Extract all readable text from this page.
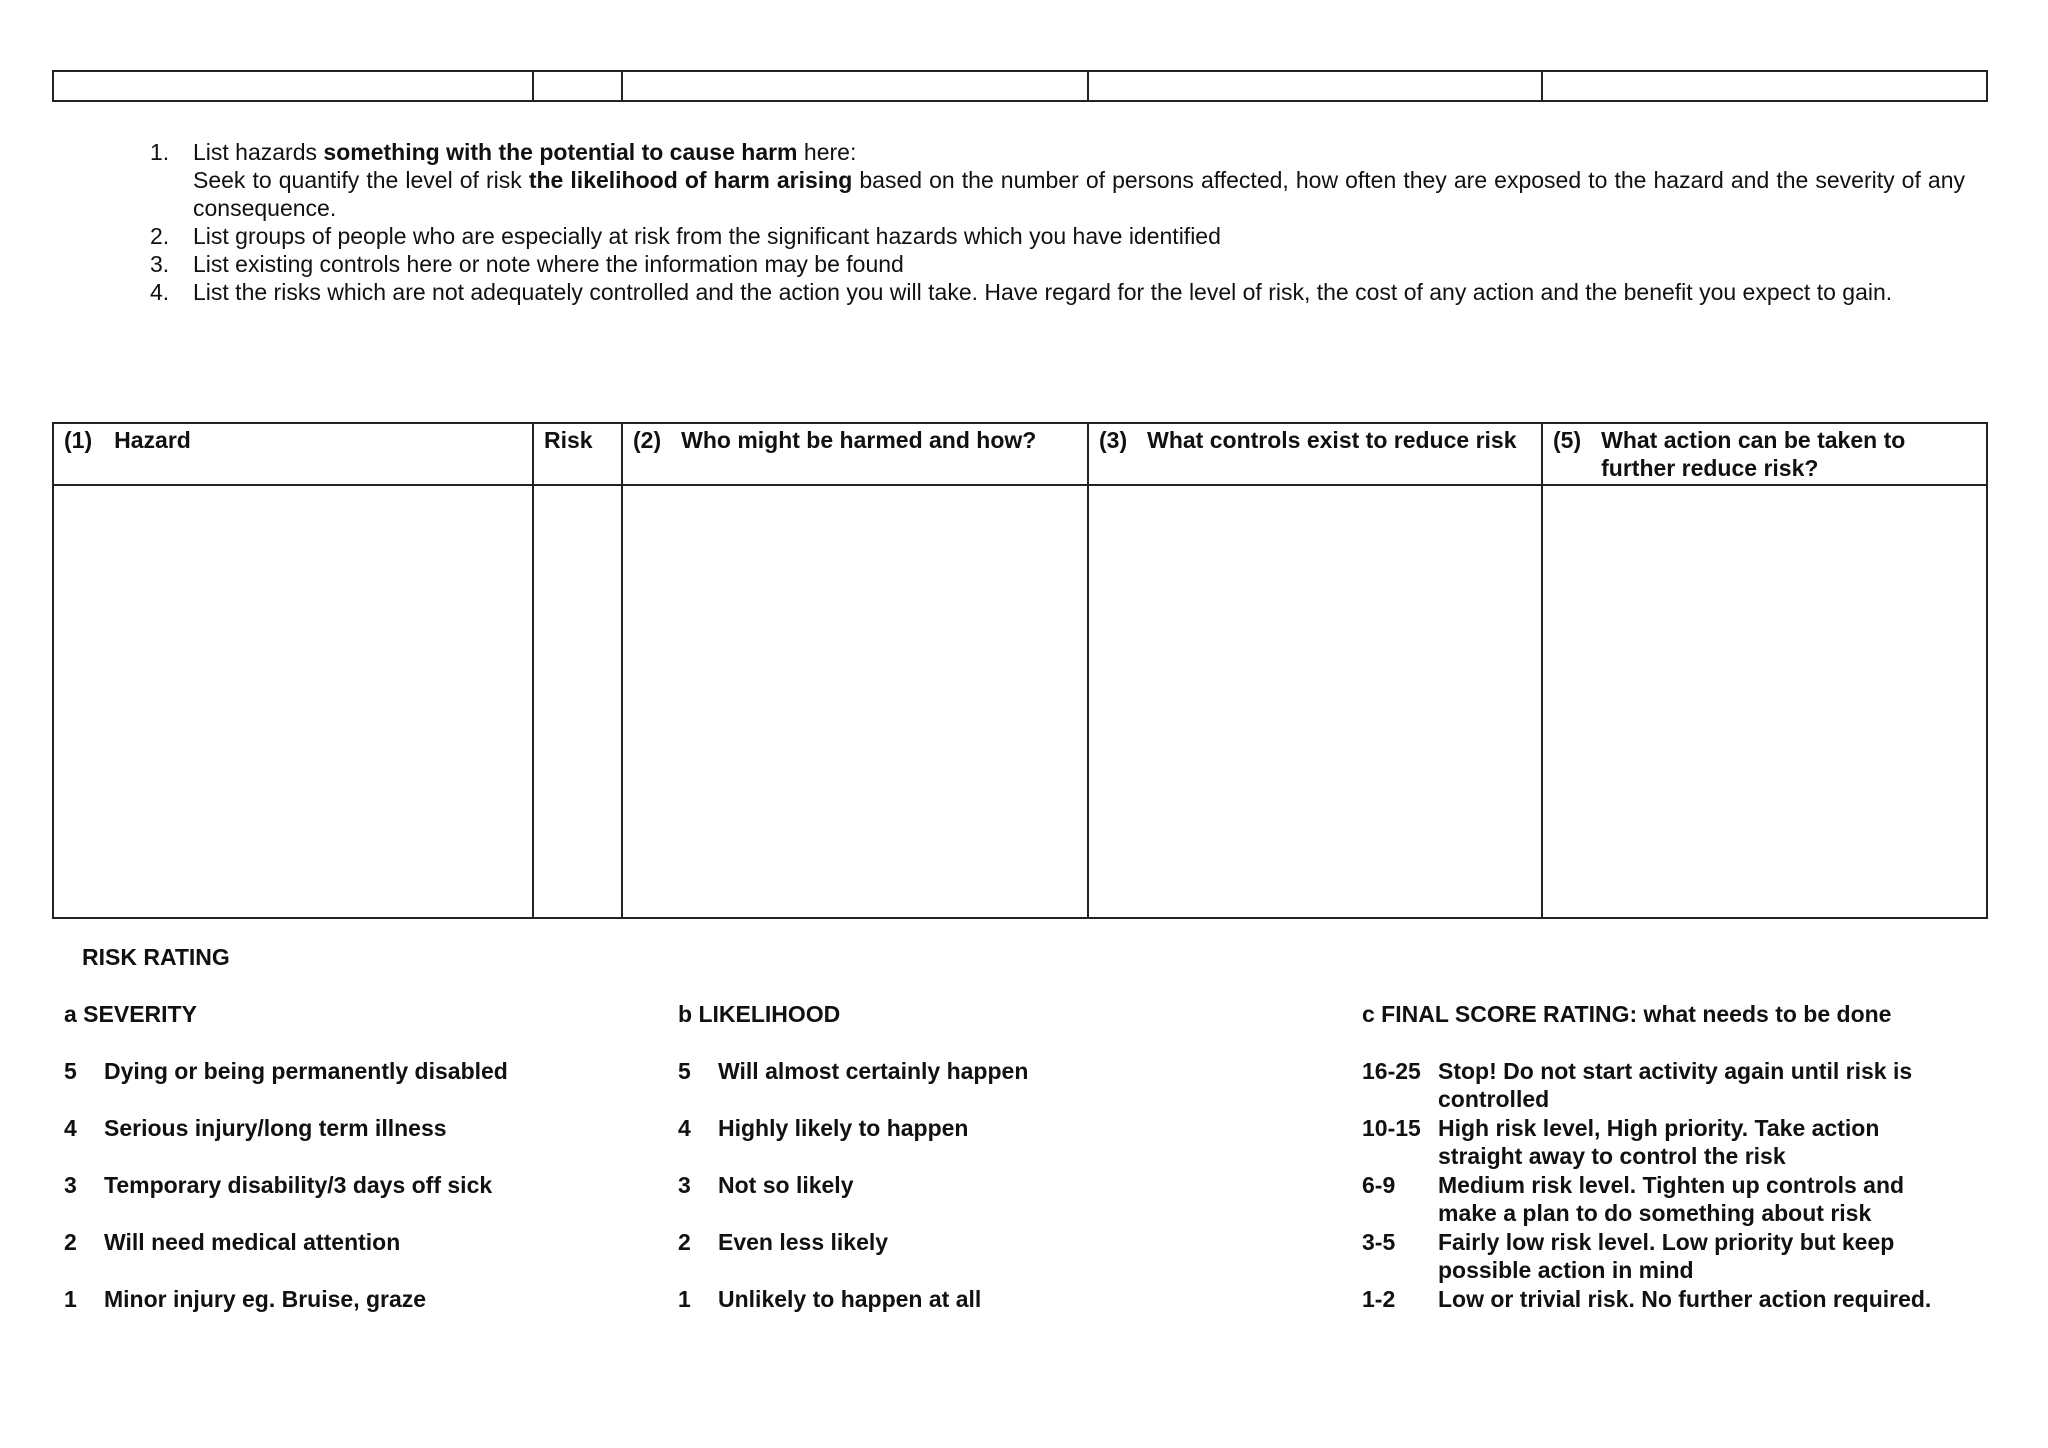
1.	List hazards something with the potential to cause harm here:
Seek to quantify the level of risk the likelihood of harm arising based on the number of persons affected, how often they are exposed to the hazard and the severity of any consequence.
2.	List groups of people who are especially at risk from the significant hazards which you have identified
3.	List existing controls here or note where the information may be found
4.	List the risks which are not adequately controlled and the action you will take. Have regard for the level of risk, the cost of any action and the benefit you expect to gain.
(1) Hazard	Risk	(2) Who might be harmed and how?	(3) What controls exist to reduce risk	(5) What action can be taken to further reduce risk?

RISK RATING
a SEVERITY
5	Dying or being permanently disabled
4	Serious injury/long term illness
3	Temporary disability/3 days off sick
2	Will need medical attention
1	Minor injury eg. Bruise, graze
b LIKELIHOOD
5	Will almost certainly happen
4	Highly likely to happen
3	Not so likely
2	Even less likely
1	Unlikely to happen at all
c FINAL SCORE RATING: what needs to be done
16-25 Stop! Do not start activity again until risk is controlled
10-15 High risk level, High priority. Take action straight away to control the risk
6-9	Medium risk level. Tighten up controls and make a plan to do something about risk
3-5	Fairly low risk level. Low priority but keep possible action in mind
1-2	Low or trivial risk. No further action required.
